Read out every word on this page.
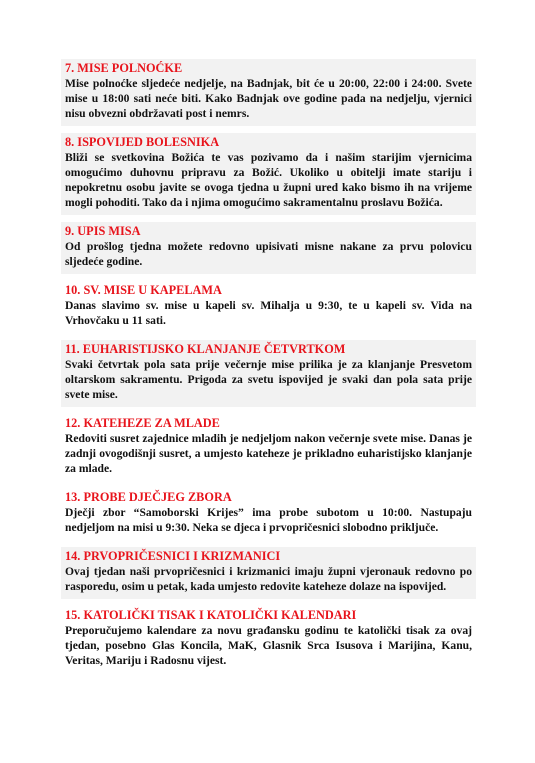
7. MISE POLNOĆKE
Mise polnoćke sljedeće nedjelje, na Badnjak, bit će u 20:00, 22:00 i 24:00. Svete mise u 18:00 sati neće biti. Kako Badnjak ove godine pada na nedjelju, vjernici nisu obvezni obdržavati post i nemrs.
8. ISPOVIJED BOLESNIKA
Bliži se svetkovina Božića te vas pozivamo da i našim starijim vjernicima omogućimo duhovnu pripravu za Božić. Ukoliko u obitelji imate stariju i nepokretnu osobu javite se ovoga tjedna u župni ured kako bismo ih na vrijeme mogli pohoditi. Tako da i njima omogućimo sakramentalnu proslavu Božića.
9. UPIS MISA
Od prošlog tjedna možete redovno upisivati misne nakane za prvu polovicu sljedeće godine.
10. SV. MISE U KAPELAMA
Danas slavimo sv. mise u kapeli sv. Mihalja u 9:30, te u kapeli sv. Vida na Vrhovčaku u 11 sati.
11. EUHARISTIJSKO KLANJANJE ČETVRTKOM
Svaki četvrtak pola sata prije večernje mise prilika je za klanjanje Presvetom oltarskom sakramentu. Prigoda za svetu ispovijed je svaki dan pola sata prije svete mise.
12. KATEHEZE ZA MLADE
Redoviti susret zajednice mladih je nedjeljom nakon večernje svete mise. Danas je zadnji ovogodišnji susret, a umjesto kateheze je prikladno euharistijsko klanjanje za mlade.
13. PROBE DJEČJEG ZBORA
Dječji zbor “Samoborski Krijes” ima probe subotom u 10:00. Nastupaju nedjeljom na misi u 9:30. Neka se djeca i prvopričesnici slobodno priključe.
14. PRVOPRIČESNICI I KRIZMANICI
Ovaj tjedan naši prvopričesnici i krizmanici imaju župni vjeronauk redovno po rasporedu, osim u petak, kada umjesto redovite kateheze dolaze na ispovijed.
15. KATOLIČKI TISAK I KATOLIČKI KALENDARI
Preporučujemo kalendare za novu građansku godinu te katolički tisak za ovaj tjedan, posebno Glas Koncila, MaK, Glasnik Srca Isusova i Marijina, Kanu, Veritas, Mariju i Radosnu vijest.
